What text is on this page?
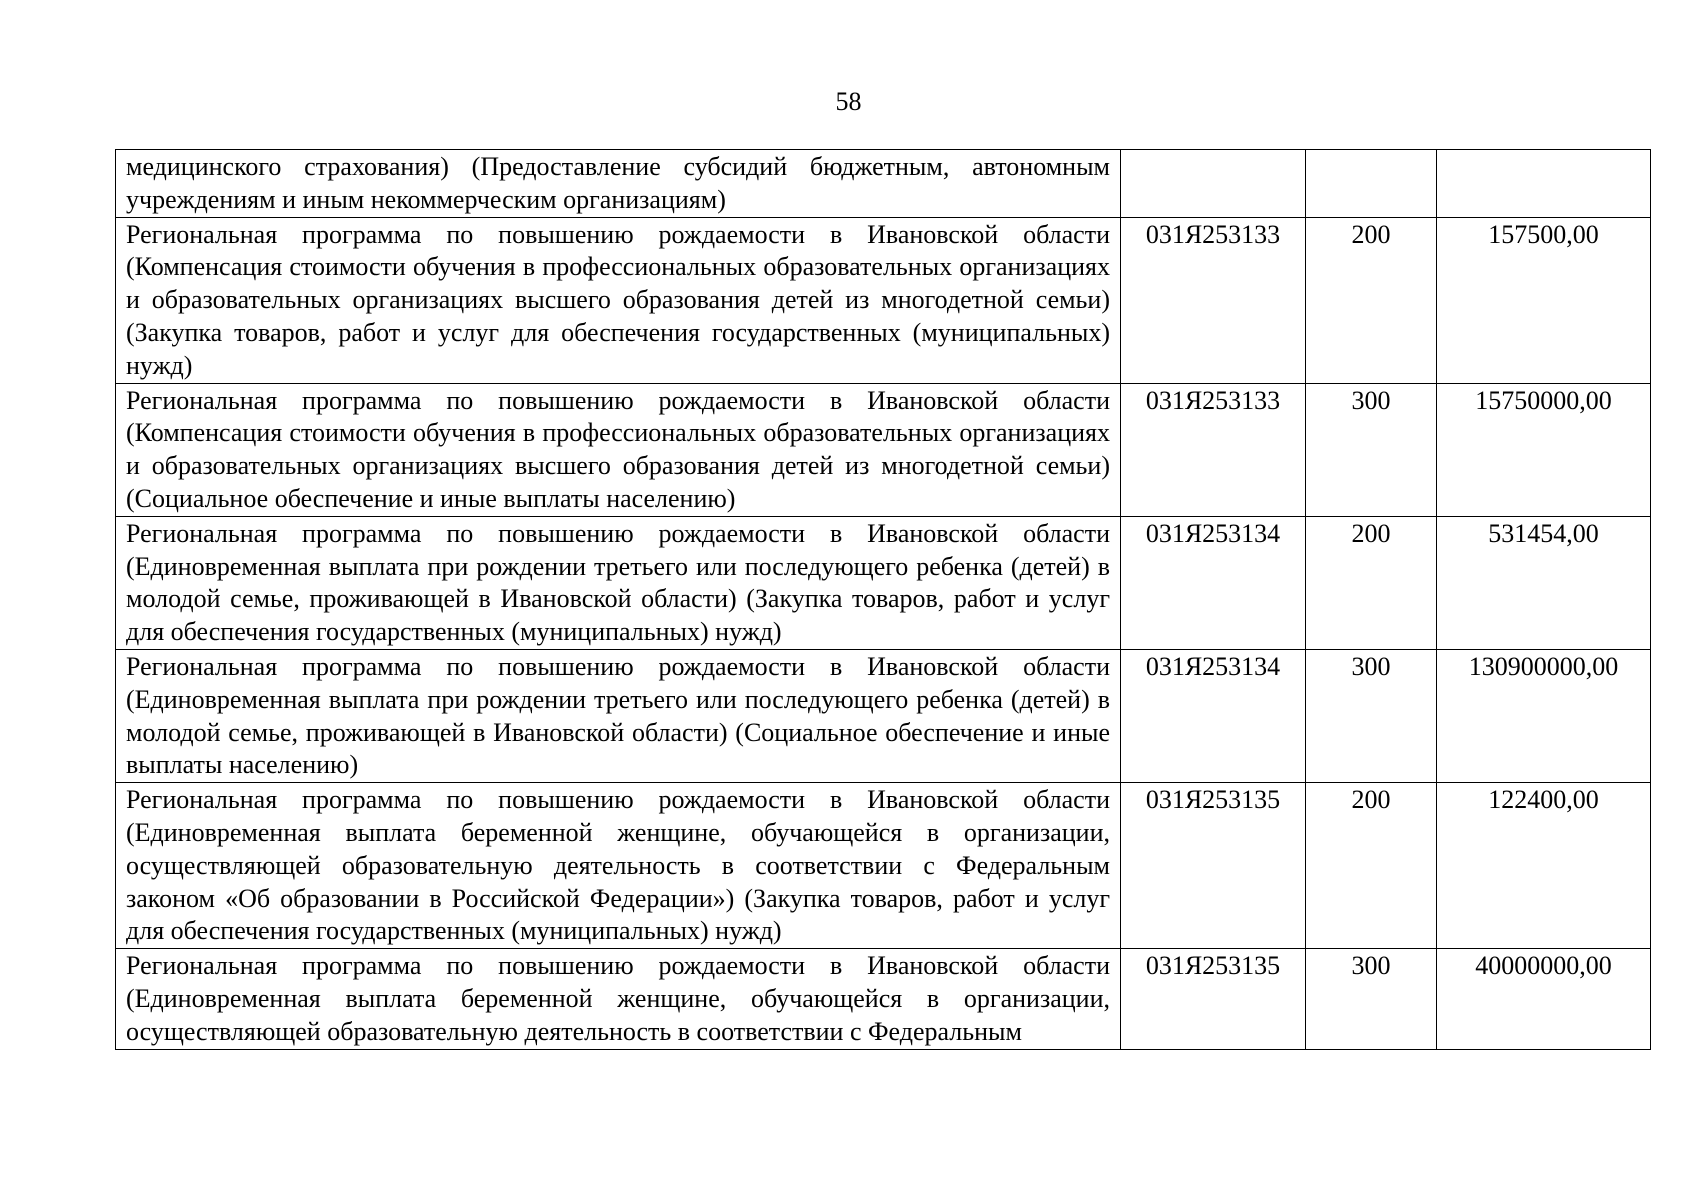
58
медицинского страхования) (Предоставление субсидий бюджетным, автономным учреждениям и иным некоммерческим организациям)			
Региональная программа по повышению рождаемости в Ивановской области (Компенсация стоимости обучения в профессиональных образовательных организациях и образовательных организациях высшего образования детей из многодетной семьи) (Закупка товаров, работ и услуг для обеспечения государственных (муниципальных) нужд)	031Я253133	200	157500,00
Региональная программа по повышению рождаемости в Ивановской области (Компенсация стоимости обучения в профессиональных образовательных организациях и образовательных организациях высшего образования детей из многодетной семьи) (Социальное обеспечение и иные выплаты населению)	031Я253133	300	15750000,00
Региональная программа по повышению рождаемости в Ивановской области (Единовременная выплата при рождении третьего или последующего ребенка (детей) в молодой семье, проживающей в Ивановской области) (Закупка товаров, работ и услуг для обеспечения государственных (муниципальных) нужд)	031Я253134	200	531454,00
Региональная программа по повышению рождаемости в Ивановской области (Единовременная выплата при рождении третьего или последующего ребенка (детей) в молодой семье, проживающей в Ивановской области) (Социальное обеспечение и иные выплаты населению)	031Я253134	300	130900000,00
Региональная программа по повышению рождаемости в Ивановской области (Единовременная выплата беременной женщине, обучающейся в организации, осуществляющей образовательную деятельность в соответствии с Федеральным законом «Об образовании в Российской Федерации») (Закупка товаров, работ и услуг для обеспечения государственных (муниципальных) нужд)	031Я253135	200	122400,00
Региональная программа по повышению рождаемости в Ивановской области (Единовременная выплата беременной женщине, обучающейся в организации, осуществляющей образовательную деятельность в соответствии с Федеральным	031Я253135	300	40000000,00
